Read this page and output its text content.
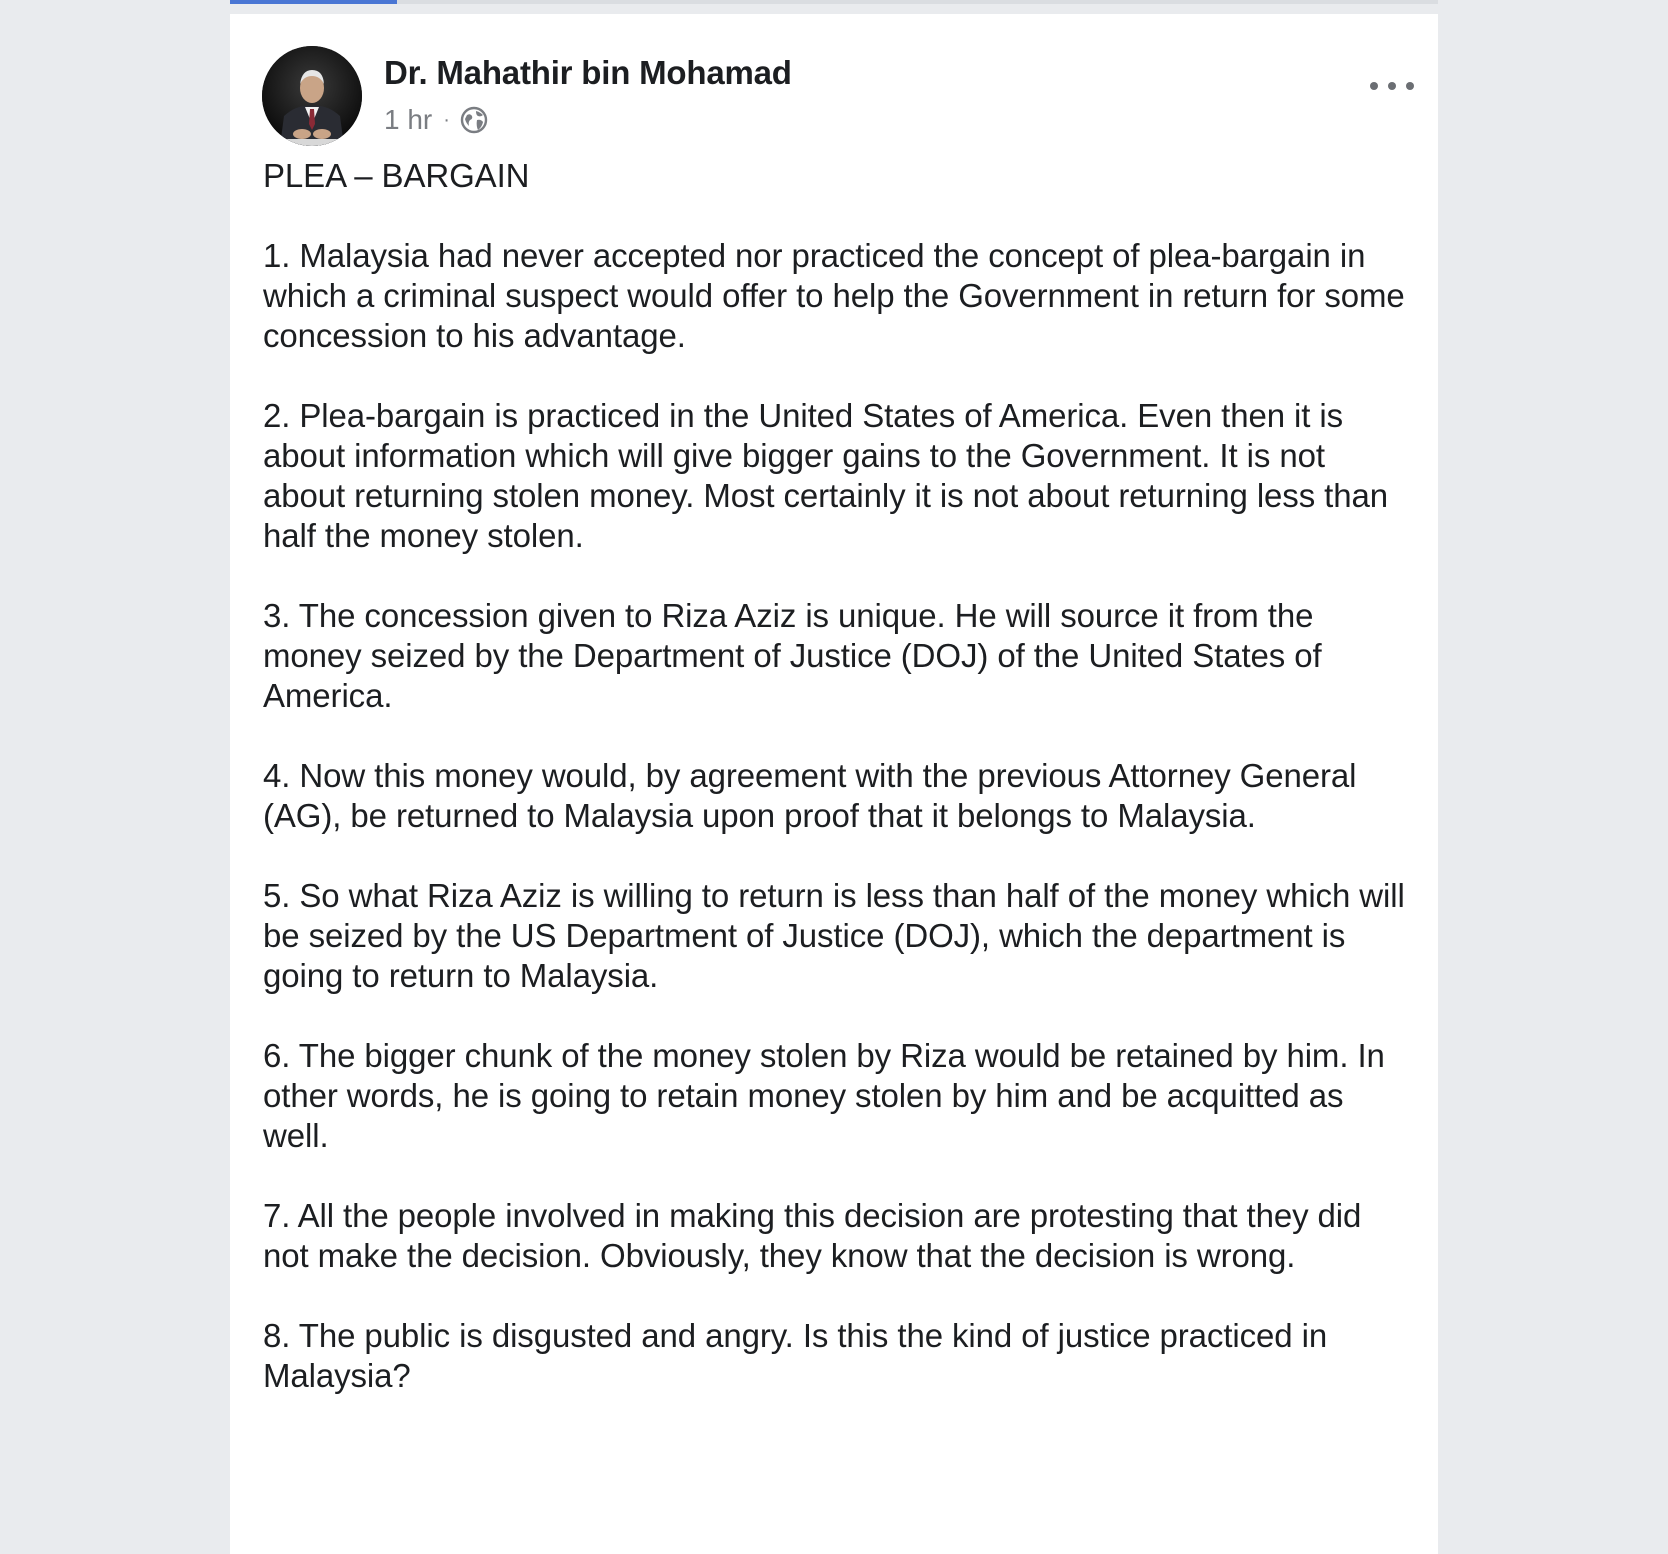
Dr. Mahathir bin Mohamad
1 hr ·

PLEA – BARGAIN

1. Malaysia had never accepted nor practiced the concept of plea-bargain in which a criminal suspect would offer to help the Government in return for some concession to his advantage.

2. Plea-bargain is practiced in the United States of America. Even then it is about information which will give bigger gains to the Government. It is not about returning stolen money. Most certainly it is not about returning less than half the money stolen.

3. The concession given to Riza Aziz is unique. He will source it from the money seized by the Department of Justice (DOJ) of the United States of America.

4. Now this money would, by agreement with the previous Attorney General (AG), be returned to Malaysia upon proof that it belongs to Malaysia.

5. So what Riza Aziz is willing to return is less than half of the money which will be seized by the US Department of Justice (DOJ), which the department is going to return to Malaysia.

6. The bigger chunk of the money stolen by Riza would be retained by him. In other words, he is going to retain money stolen by him and be acquitted as well.

7. All the people involved in making this decision are protesting that they did not make the decision. Obviously, they know that the decision is wrong.

8. The public is disgusted and angry. Is this the kind of justice practiced in Malaysia?
